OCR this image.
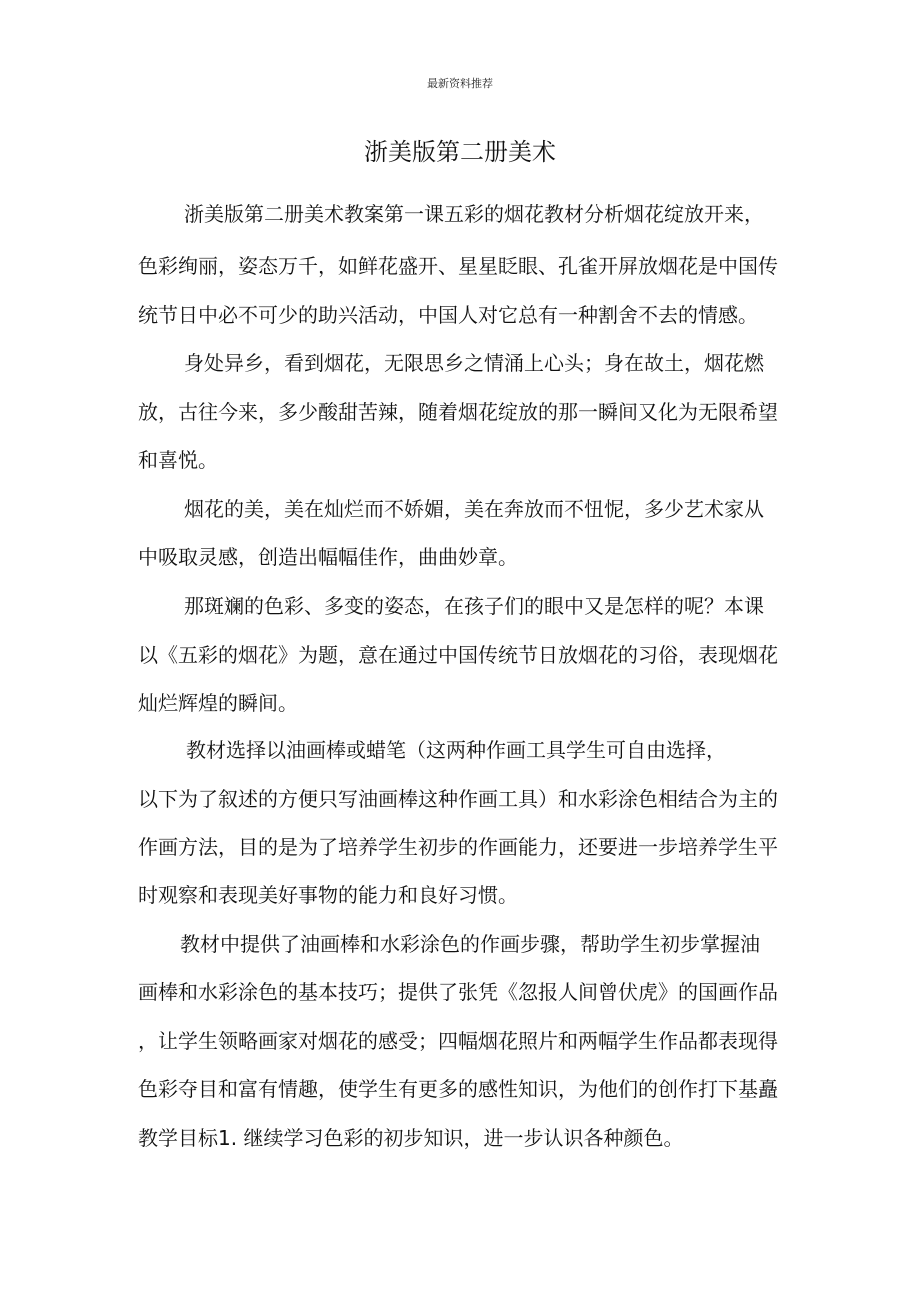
最新资料推荐
浙美版第二册美术
浙美版第二册美术教案第一课五彩的烟花教材分析烟花绽放开来，
色彩绚丽，姿态万千，如鲜花盛开、星星眨眼、孔雀开屏放烟花是中国传
统节日中必不可少的助兴活动，中国人对它总有一种割舍不去的情感。
身处异乡，看到烟花，无限思乡之情涌上心头；身在故土，烟花燃
放，古往今来，多少酸甜苦辣，随着烟花绽放的那一瞬间又化为无限希望
和喜悦。
烟花的美，美在灿烂而不娇媚，美在奔放而不忸怩，多少艺术家从
中吸取灵感，创造出幅幅佳作，曲曲妙章。
那斑斓的色彩、多变的姿态，在孩子们的眼中又是怎样的呢？本课
以《五彩的烟花》为题，意在通过中国传统节日放烟花的习俗，表现烟花
灿烂辉煌的瞬间。
教材选择以油画棒或蜡笔（这两种作画工具学生可自由选择，
以下为了叙述的方便只写油画棒这种作画工具）和水彩涂色相结合为主的
作画方法，目的是为了培养学生初步的作画能力，还要进一步培养学生平
时观察和表现美好事物的能力和良好习惯。
教材中提供了油画棒和水彩涂色的作画步骤，帮助学生初步掌握油
画棒和水彩涂色的基本技巧；提供了张凭《忽报人间曾伏虎》的国画作品
，让学生领略画家对烟花的感受；四幅烟花照片和两幅学生作品都表现得
色彩夺目和富有情趣，使学生有更多的感性知识，为他们的创作打下基矗
教学目标1. 继续学习色彩的初步知识，进一步认识各种颜色。
